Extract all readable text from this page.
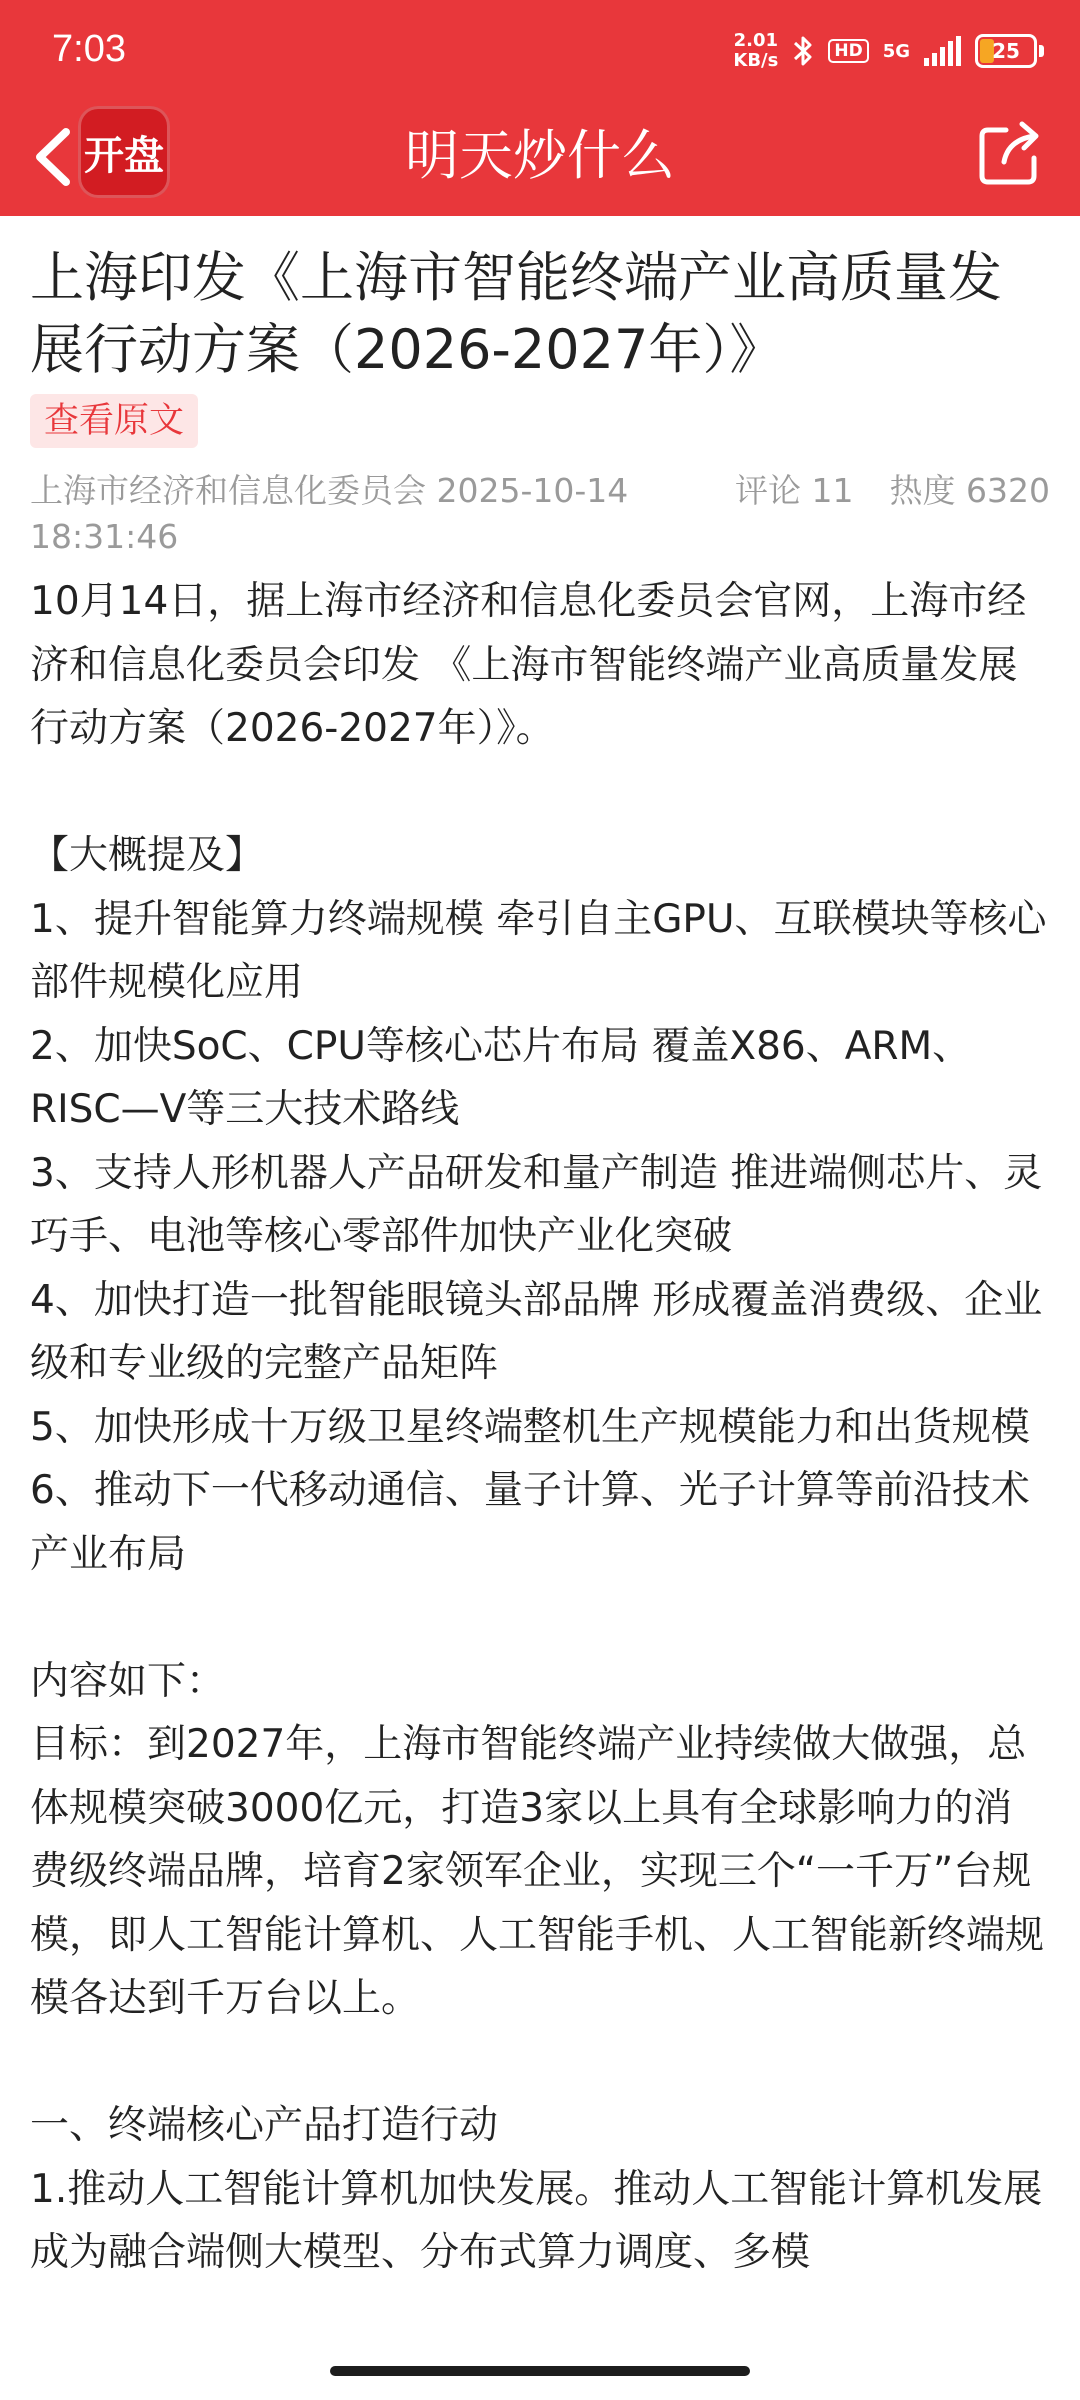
7:03	2.01
KB/s	HD	5G	25
开盘	明天炒什么
上海印发《上海市智能终端产业高质量发展行动方案（2026-2027年）》
查看原文
上海市经济和信息化委员会 2025-10-14 18:31:46
评论 11 热度 6320
10月14日，据上海市经济和信息化委员会官网，上海市经济和信息化委员会印发 《上海市智能终端产业高质量发展行动方案（2026-2027年）》。

【大概提及】
1、提升智能算力终端规模 牵引自主GPU、互联模块等核心部件规模化应用
2、加快SoC、CPU等核心芯片布局 覆盖X86、ARM、RISC—V等三大技术路线
3、支持人形机器人产品研发和量产制造 推进端侧芯片、灵巧手、电池等核心零部件加快产业化突破
4、加快打造一批智能眼镜头部品牌 形成覆盖消费级、企业级和专业级的完整产品矩阵
5、加快形成十万级卫星终端整机生产规模能力和出货规模
6、推动下一代移动通信、量子计算、光子计算等前沿技术产业布局

内容如下：
目标：到2027年，上海市智能终端产业持续做大做强，总体规模突破3000亿元，打造3家以上具有全球影响力的消费级终端品牌，培育2家领军企业，实现三个“一千万”台规模，即人工智能计算机、人工智能手机、人工智能新终端规模各达到千万台以上。

一、终端核心产品打造行动
1.推动人工智能计算机加快发展。推动人工智能计算机发展成为融合端侧大模型、分布式算力调度、多模
